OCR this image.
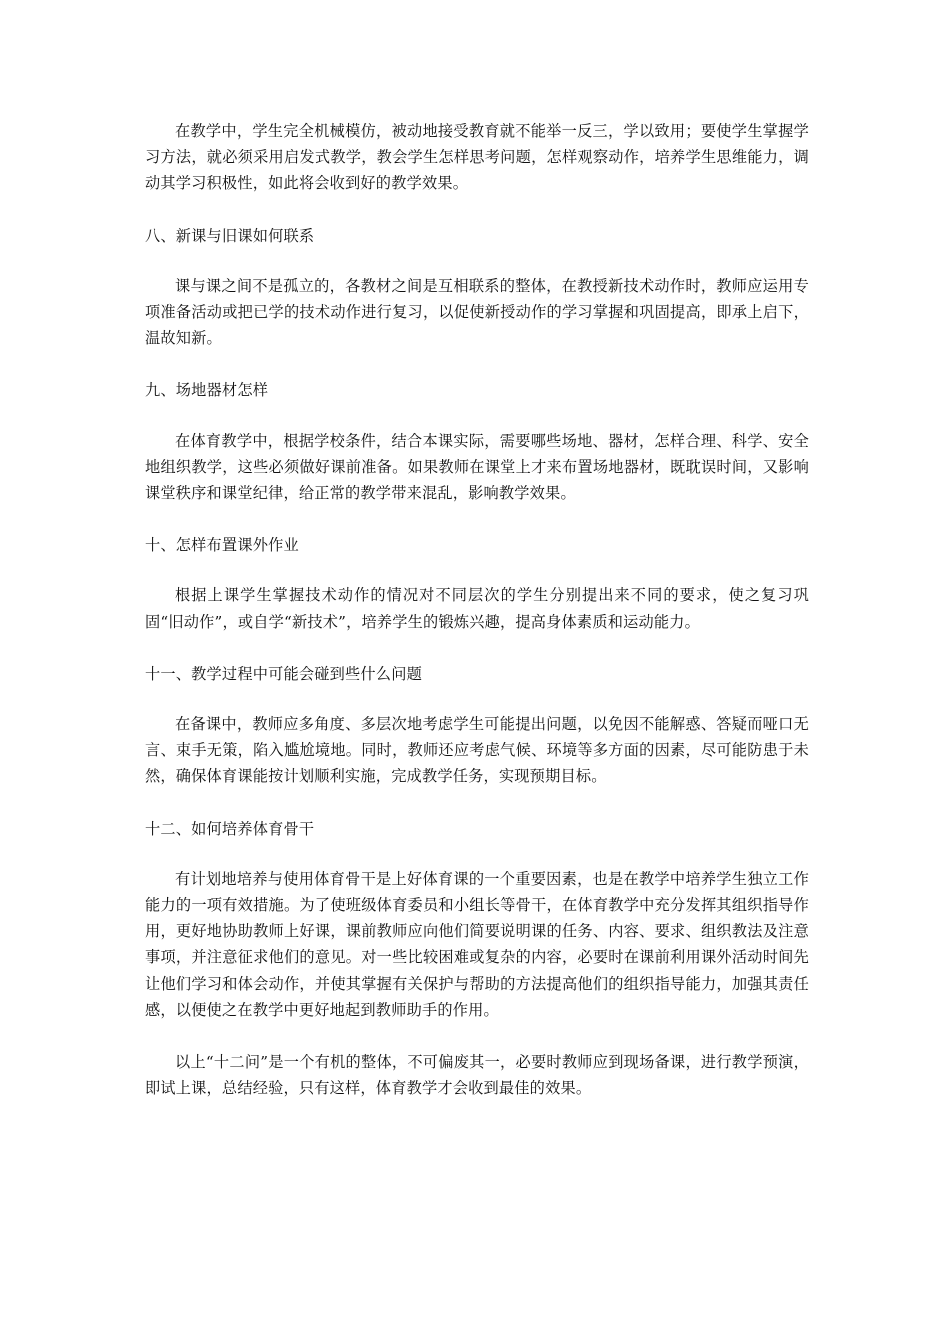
在教学中，学生完全机械模仿，被动地接受教育就不能举一反三，学以致用；要使学生掌握学习方法，就必须采用启发式教学，教会学生怎样思考问题，怎样观察动作，培养学生思维能力，调动其学习积极性，如此将会收到好的教学效果。

八、新课与旧课如何联系

课与课之间不是孤立的，各教材之间是互相联系的整体，在教授新技术动作时，教师应运用专项准备活动或把已学的技术动作进行复习，以促使新授动作的学习掌握和巩固提高，即承上启下，温故知新。

九、场地器材怎样

在体育教学中，根据学校条件，结合本课实际，需要哪些场地、器材，怎样合理、科学、安全地组织教学，这些必须做好课前准备。如果教师在课堂上才来布置场地器材，既耽误时间，又影响课堂秩序和课堂纪律，给正常的教学带来混乱，影响教学效果。

十、怎样布置课外作业

根据上课学生掌握技术动作的情况对不同层次的学生分别提出来不同的要求，使之复习巩固“旧动作”，或自学“新技术”，培养学生的锻炼兴趣，提高身体素质和运动能力。

十一、教学过程中可能会碰到些什么问题

在备课中，教师应多角度、多层次地考虑学生可能提出问题，以免因不能解惑、答疑而哑口无言、束手无策，陷入尴尬境地。同时，教师还应考虑气候、环境等多方面的因素，尽可能防患于未然，确保体育课能按计划顺利实施，完成教学任务，实现预期目标。

十二、如何培养体育骨干

有计划地培养与使用体育骨干是上好体育课的一个重要因素，也是在教学中培养学生独立工作能力的一项有效措施。为了使班级体育委员和小组长等骨干，在体育教学中充分发挥其组织指导作用，更好地协助教师上好课，课前教师应向他们简要说明课的任务、内容、要求、组织教法及注意事项，并注意征求他们的意见。对一些比较困难或复杂的内容，必要时在课前利用课外活动时间先让他们学习和体会动作，并使其掌握有关保护与帮助的方法提高他们的组织指导能力，加强其责任感，以便使之在教学中更好地起到教师助手的作用。

以上“十二问”是一个有机的整体，不可偏废其一，必要时教师应到现场备课，进行教学预演，即试上课，总结经验，只有这样，体育教学才会收到最佳的效果。
